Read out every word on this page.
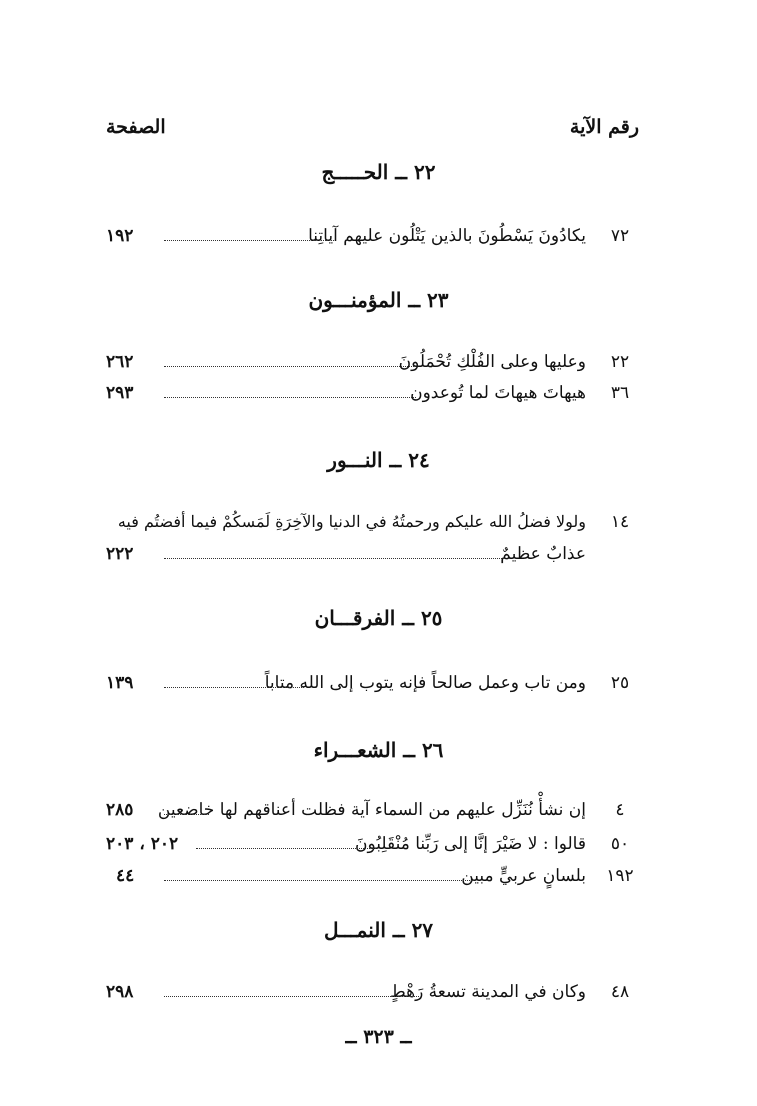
رقم الآية
الصفحة
٢٢ ــ الحـــــج
٧٢
يكادُونَ يَسْطُونَ بالذين يَتْلُون عليهم آياتِنا
١٩٢
٢٣ ــ المؤمنـــون
٢٢
وعليها وعلى الفُلْكِ تُحْمَلُونَ
٢٦٢
٣٦
هيهاتَ هيهاتَ لما تُوعدون
٢٩٣
٢٤ ــ النـــور
١٤
ولولا فضلُ الله عليكم ورحمتُهُ في الدنيا والآخِرَةِ لَمَسكُمْ فيما أفضتُم فيه
عذابٌ عظيمٌ
٢٢٢
٢٥ ــ الفرقـــان
٢٥
ومن تاب وعمل صالحاً فإنه يتوب إلى الله متاباً
١٣٩
٢٦ ــ الشعـــراء
٤
إن نشأْ نُنَزِّل عليهم من السماء آية فظلت أعناقهم لها خاضعين
٢٨٥
٥٠
قالوا : لا ضَيْرَ إنَّا إلى رَبِّنا مُنْقَلِبُونَ
٢٠٢ ، ٢٠٣
١٩٢
بلسانٍ عربيٍّ مبين
٤٤
٢٧ ــ النمـــل
٤٨
وكان في المدينة تسعةُ رَهْطٍ
٢٩٨
ــ ٣٢٣ ــ
